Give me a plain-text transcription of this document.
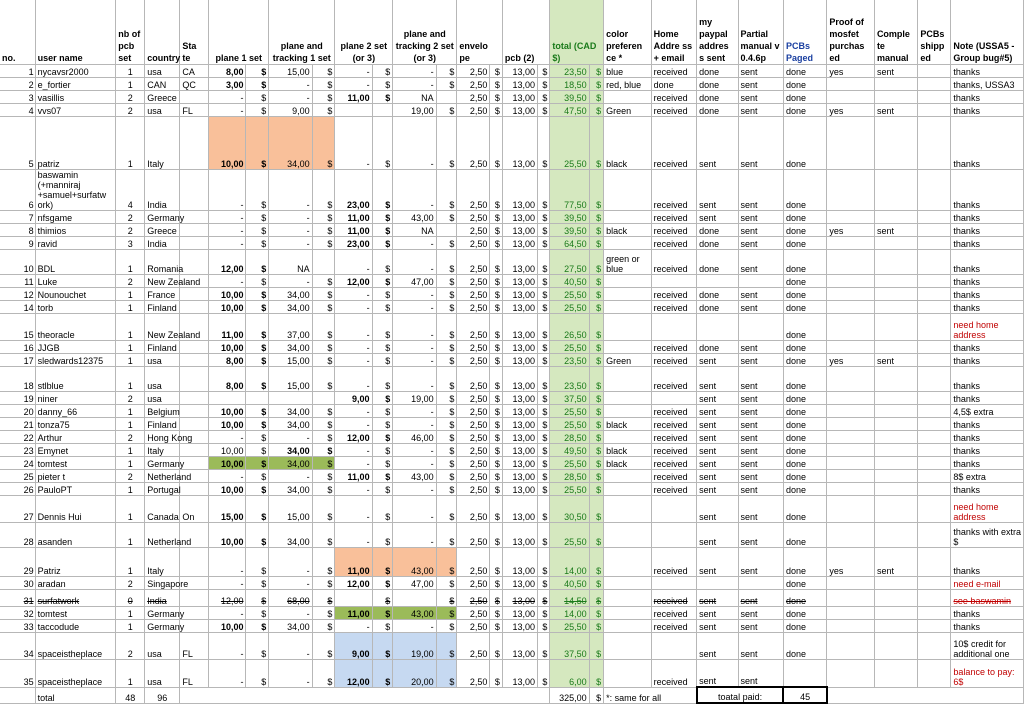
no.	user name	nb of pcb set	country	Sta te	plane 1 set		plane and tracking 1 set		plane 2 set (or 3)		plane and tracking 2 set (or 3)		envelo pe		pcb (2)		total (CAD $)		color preferen ce *	Home Addre ss + email	my paypal addres s sent	Partial manual v 0.4.6p	PCBs Paged	Proof of mosfet purchas ed	Comple te manual	PCBs shipp ed	Note (USSA5 - Group bug#5)
1	nycavsr2000	1	usa	CA	8,00	$	15,00	$	-	$	-	$	2,50	$	13,00	$	23,50	$	blue	received	done	sent	done	yes	sent		thanks
2	e_fortier	1	CAN	QC	3,00	$	-	$	-	$	-	$	2,50	$	13,00	$	18,50	$	red, blue	done	done	sent	done				thanks, USSA3
3	vasillis	2	Greece		-	$	-	$	11,00	$	NA		2,50	$	13,00	$	39,50	$		received	done	sent	done				thanks
4	vvs07	2	usa	FL	-	$	9,00	$			19,00	$	2,50	$	13,00	$	47,50	$	Green	received	done	sent	done	yes	sent		thanks
5	patriz	1	Italy		10,00	$	34,00	$	-	$	-	$	2,50	$	13,00	$	25,50	$	black	received	sent	sent	done				thanks
6	baswamin (+manniraj +samuel+surfatw ork)	4	India		-	$	-	$	23,00	$	-	$	2,50	$	13,00	$	77,50	$		received	sent	sent	done				thanks
7	nfsgame	2	Germany		-	$	-	$	11,00	$	43,00	$	2,50	$	13,00	$	39,50	$		received	sent	sent	done				thanks
8	thimios	2	Greece		-	$	-	$	11,00	$	NA		2,50	$	13,00	$	39,50	$	black	received	done	sent	done	yes	sent		thanks
9	ravid	3	India		-	$	-	$	23,00	$	-	$	2,50	$	13,00	$	64,50	$		received	done	sent	done				thanks
10	BDL	1	Romania		12,00	$	NA		-	$	-	$	2,50	$	13,00	$	27,50	$	green or blue	received	done	sent	done				thanks
11	Luke	2	New Zealand		-	$	-	$	12,00	$	47,00	$	2,50	$	13,00	$	40,50	$					done				thanks
12	Nounouchet	1	France		10,00	$	34,00	$	-	$	-	$	2,50	$	13,00	$	25,50	$		received	done	sent	done				thanks
14	torb	1	Finland		10,00	$	34,00	$	-	$	-	$	2,50	$	13,00	$	25,50	$		received	done	sent	done				thanks
15	theoracle	1	New Zealand		11,00	$	37,00	$	-	$	-	$	2,50	$	13,00	$	26,50	$					done				need home address
16	JJGB	1	Finland		10,00	$	34,00	$	-	$	-	$	2,50	$	13,00	$	25,50	$		received	done	sent	done				thanks
17	sledwards12375	1	usa		8,00	$	15,00	$	-	$	-	$	2,50	$	13,00	$	23,50	$	Green	received	sent	sent	done	yes	sent		thanks
18	stlblue	1	usa		8,00	$	15,00	$	-	$	-	$	2,50	$	13,00	$	23,50	$		received	sent	sent	done				thanks
19	niner	2	usa						9,00	$	19,00	$	2,50	$	13,00	$	37,50	$			sent	sent	done				thanks
20	danny_66	1	Belgium		10,00	$	34,00	$	-	$	-	$	2,50	$	13,00	$	25,50	$		received	sent	sent	done				4,5$ extra
21	tonza75	1	Finland		10,00	$	34,00	$	-	$	-	$	2,50	$	13,00	$	25,50	$	black	received	sent	sent	done				thanks
22	Arthur	2	Hong Kong		-	$	-	$	12,00	$	46,00	$	2,50	$	13,00	$	28,50	$		received	sent	sent	done				thanks
23	Emynet	1	Italy		10,00	$	34,00	$	-	$	-	$	2,50	$	13,00	$	49,50	$	black	received	sent	sent	done				thanks
24	tomtest	1	Germany		10,00	$	34,00	$	-	$	-	$	2,50	$	13,00	$	25,50	$	black	received	sent	sent	done				thanks
25	pieter t	2	Netherland		-	$	-	$	11,00	$	43,00	$	2,50	$	13,00	$	28,50	$		received	sent	sent	done				8$ extra
26	PauloPT	1	Portugal		10,00	$	34,00	$	-	$	-	$	2,50	$	13,00	$	25,50	$		received	sent	sent	done				thanks
27	Dennis Hui	1	Canada	On	15,00	$	15,00	$	-	$	-	$	2,50	$	13,00	$	30,50	$			sent	sent	done				need home address
28	asanden	1	Netherland		10,00	$	34,00	$	-	$	-	$	2,50	$	13,00	$	25,50	$			sent	sent	done				thanks with extra $
29	Patriz	1	Italy		-	$	-	$	11,00	$	43,00	$	2,50	$	13,00	$	14,00	$		received	sent	sent	done	yes	sent		thanks
30	aradan	2	Singapore		-	$	-	$	12,00	$	47,00	$	2,50	$	13,00	$	40,50	$					done				need e-mail
31	surfatwork	0	India		12,00	$	68,00	$		$		$	2,50	$	13,00	$	14,50	$		received	sent	sent	done				see baswamin
32	tomtest	1	Germany		-	$	-	$	11,00	$	43,00	$	2,50	$	13,00	$	14,00	$		received	sent	sent	done				thanks
33	taccodude	1	Germany		10,00	$	34,00	$	-	$	-	$	2,50	$	13,00	$	25,50	$		received	sent	sent	done				thanks
34	spaceistheplace	2	usa	FL	-	$	-	$	9,00	$	19,00	$	2,50	$	13,00	$	37,50	$			sent	sent	done				10$ credit for additional one
35	spaceistheplace	1	usa	FL	-	$	-	$	12,00	$	20,00	$	2,50	$	13,00	$	6,00	$		received	sent	sent					balance to pay: 6$
	total	48	96														325,00	$	*: same for all		toatal paid:		45				
